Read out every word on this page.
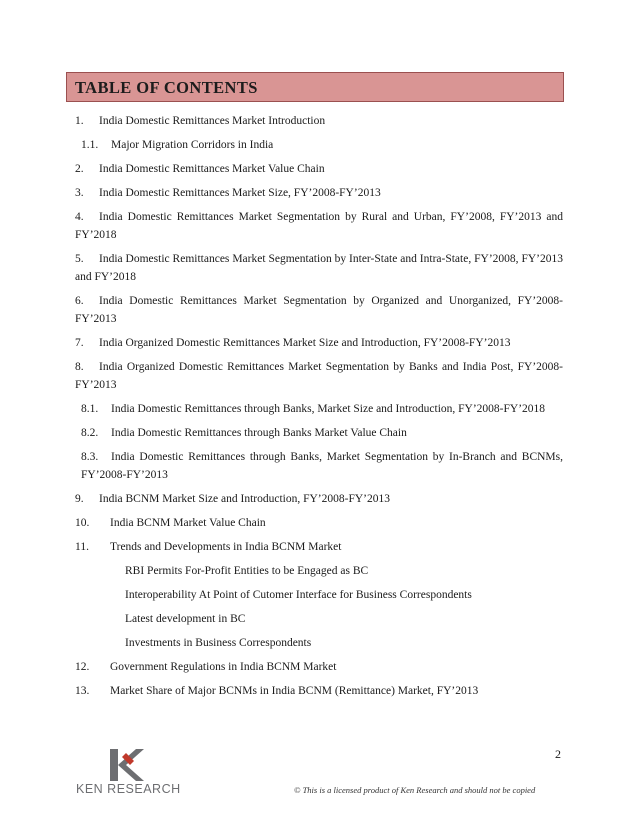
TABLE OF CONTENTS
1. India Domestic Remittances Market Introduction
1.1. Major Migration Corridors in India
2. India Domestic Remittances Market Value Chain
3. India Domestic Remittances Market Size, FY’2008-FY’2013
4. India Domestic Remittances Market Segmentation by Rural and Urban, FY’2008, FY’2013 and FY’2018
5. India Domestic Remittances Market Segmentation by Inter-State and Intra-State, FY’2008, FY’2013 and FY’2018
6. India Domestic Remittances Market Segmentation by Organized and Unorganized, FY’2008-FY’2013
7. India Organized Domestic Remittances Market Size and Introduction, FY’2008-FY’2013
8. India Organized Domestic Remittances Market Segmentation by Banks and India Post, FY’2008-FY’2013
8.1. India Domestic Remittances through Banks, Market Size and Introduction, FY’2008-FY’2018
8.2. India Domestic Remittances through Banks Market Value Chain
8.3. India Domestic Remittances through Banks, Market Segmentation by In-Branch and BCNMs, FY’2008-FY’2013
9. India BCNM Market Size and Introduction, FY’2008-FY’2013
10. India BCNM Market Value Chain
11. Trends and Developments in India BCNM Market
RBI Permits For-Profit Entities to be Engaged as BC
Interoperability At Point of Cutomer Interface for Business Correspondents
Latest development in BC
Investments in Business Correspondents
12. Government Regulations in India BCNM Market
13. Market Share of Major BCNMs in India BCNM (Remittance) Market, FY’2013
2
KEN RESEARCH	© This is a licensed product of Ken Research and should not be copied
